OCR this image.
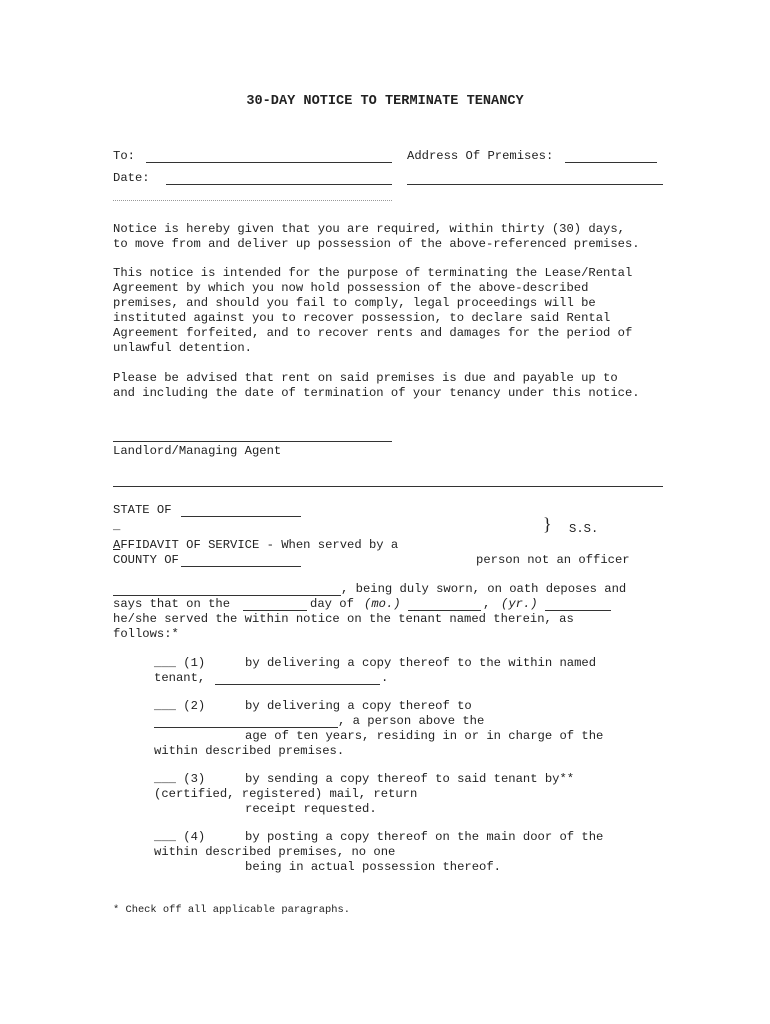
30-DAY NOTICE TO TERMINATE TENANCY
To:	Address Of Premises:
Date:
Notice is hereby given that you are required, within thirty (30) days,
to move from and deliver up possession of the above-referenced premises.
This notice is intended for the purpose of terminating the Lease/Rental
Agreement by which you now hold possession of the above-described
premises, and should you fail to comply, legal proceedings will be
instituted against you to recover possession, to declare said Rental
Agreement forfeited, and to recover rents and damages for the period of
unlawful detention.
Please be advised that rent on said premises is due and payable up to
and including the date of termination of your tenancy under this notice.
Landlord/Managing Agent
STATE OF
_	} S.S.
AFFIDAVIT OF SERVICE - When served by a
COUNTY OF	person not an officer
, being duly sworn, on oath deposes and
says that on the	day of (mo.)	, (yr.)
he/she served the within notice on the tenant named therein, as
follows:*
___ (1)	by delivering a copy thereof to the within named
tenant,	.
___ (2)	by delivering a copy thereof to
, a person above the
age of ten years, residing in or in charge of the
within described premises.
___ (3)	by sending a copy thereof to said tenant by**
(certified, registered) mail, return
receipt requested.
___ (4)	by posting a copy thereof on the main door of the
within described premises, no one
being in actual possession thereof.
* Check off all applicable paragraphs.
